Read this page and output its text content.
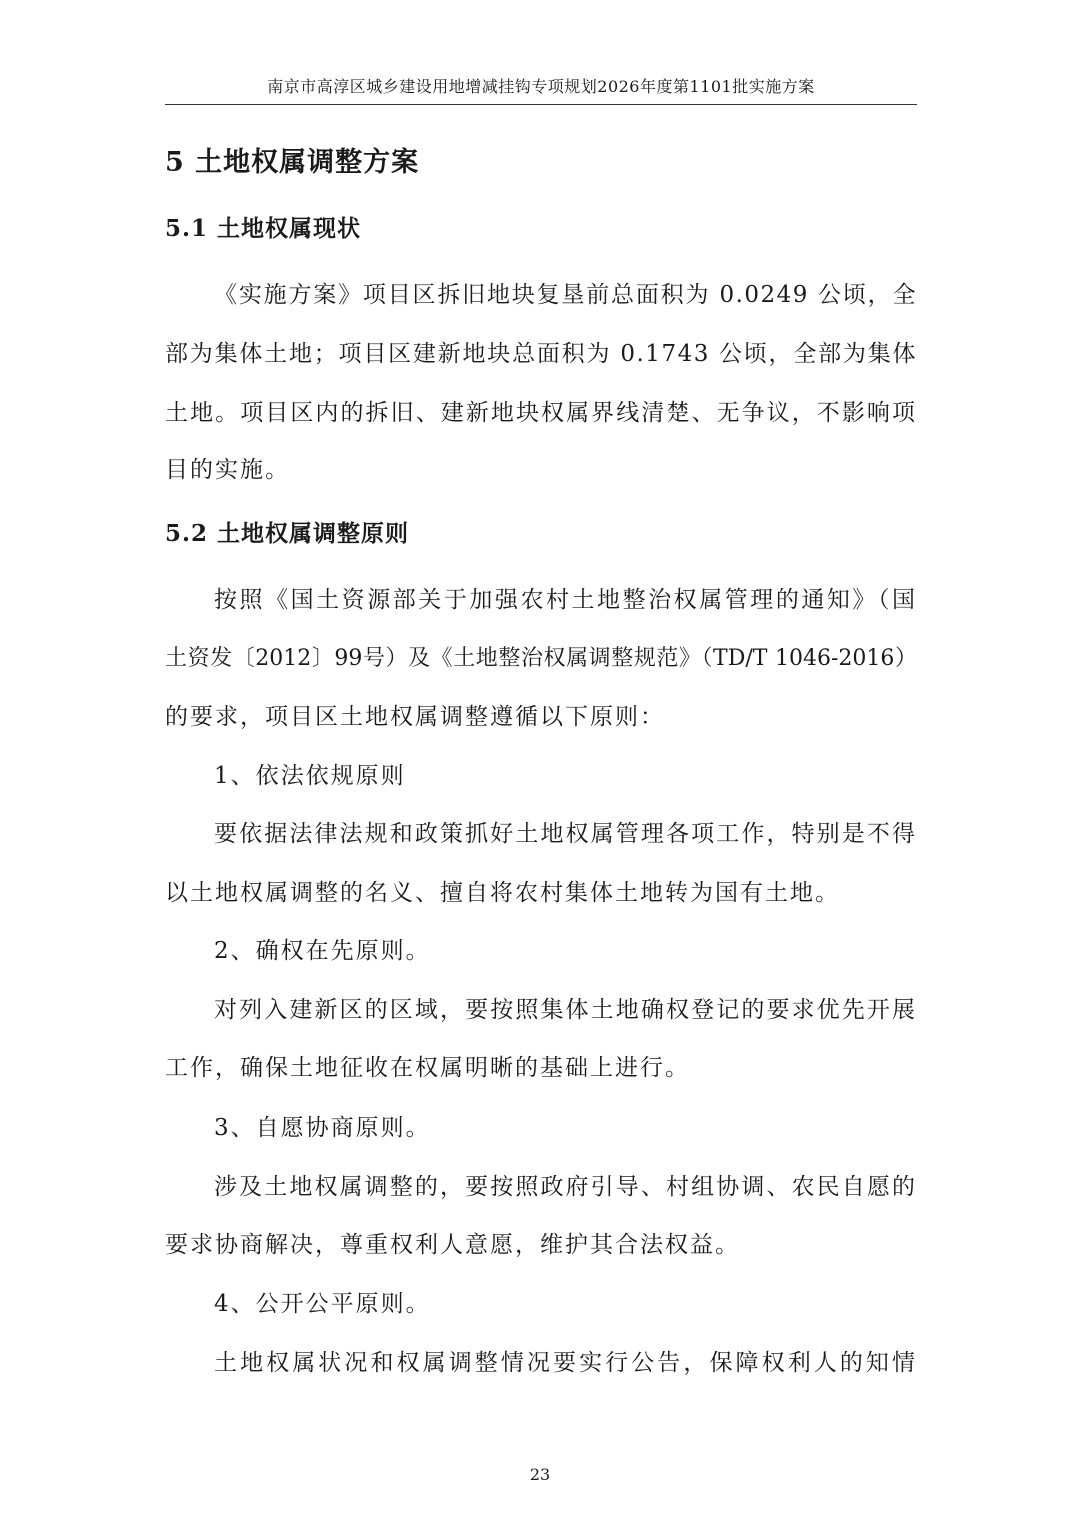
南京市高淳区城乡建设用地增减挂钩专项规划2026年度第1101批实施方案
5 土地权属调整方案
5.1 土地权属现状
《实施方案》项目区拆旧地块复垦前总面积为 0.0249 公顷，全
部为集体土地；项目区建新地块总面积为 0.1743 公顷，全部为集体
土地。项目区内的拆旧、建新地块权属界线清楚、无争议，不影响项
目的实施。
5.2 土地权属调整原则
按照《国土资源部关于加强农村土地整治权属管理的通知》（国
土资发〔2012〕99号）及《土地整治权属调整规范》（TD/T 1046-2016）
的要求，项目区土地权属调整遵循以下原则：
1、依法依规原则
要依据法律法规和政策抓好土地权属管理各项工作，特别是不得
以土地权属调整的名义、擅自将农村集体土地转为国有土地。
2、确权在先原则。
对列入建新区的区域，要按照集体土地确权登记的要求优先开展
工作，确保土地征收在权属明晰的基础上进行。
3、自愿协商原则。
涉及土地权属调整的，要按照政府引导、村组协调、农民自愿的
要求协商解决，尊重权利人意愿，维护其合法权益。
4、公开公平原则。
土地权属状况和权属调整情况要实行公告，保障权利人的知情
23
